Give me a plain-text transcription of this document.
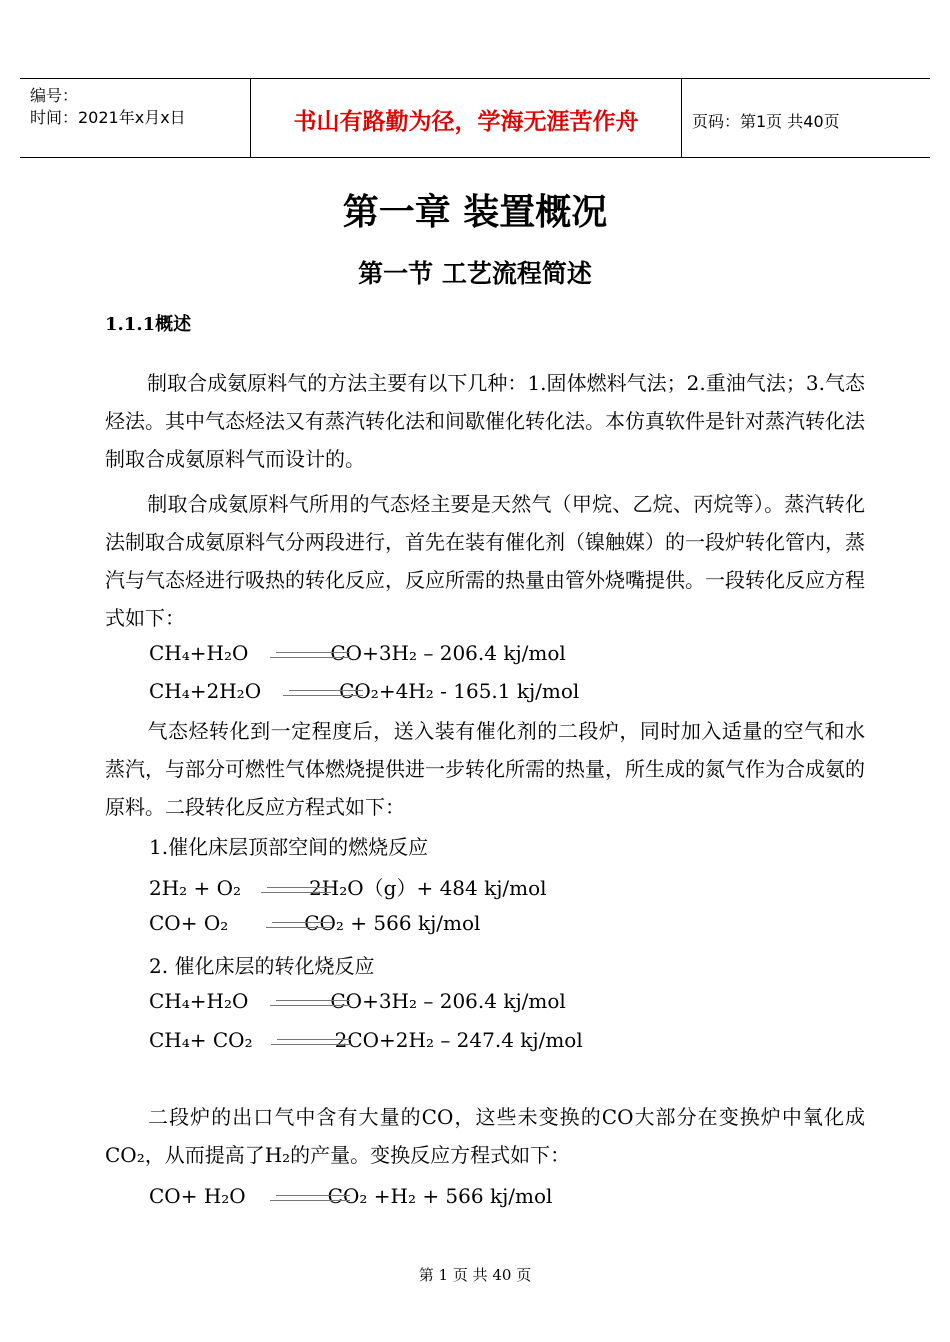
编号：
时间：2021年x月x日	书山有路勤为径，学海无涯苦作舟	页码：第1页 共40页
第一章 装置概况
第一节 工艺流程简述
1.1.1概述
制取合成氨原料气的方法主要有以下几种：1.固体燃料气法；2.重油气法；3.气态烃法。其中气态烃法又有蒸汽转化法和间歇催化转化法。本仿真软件是针对蒸汽转化法制取合成氨原料气而设计的。
制取合成氨原料气所用的气态烃主要是天然气（甲烷、乙烷、丙烷等）。蒸汽转化法制取合成氨原料气分两段进行，首先在装有催化剂（镍触媒）的一段炉转化管内，蒸汽与气态烃进行吸热的转化反应，反应所需的热量由管外烧嘴提供。一段转化反应方程式如下：
CH₄+H₂O	CO+3H₂ – 206.4 kj/mol
CH₄+2H₂O	CO₂+4H₂ - 165.1 kj/mol
气态烃转化到一定程度后，送入装有催化剂的二段炉，同时加入适量的空气和水蒸汽，与部分可燃性气体燃烧提供进一步转化所需的热量，所生成的氮气作为合成氨的原料。二段转化反应方程式如下：
1.催化床层顶部空间的燃烧反应
2H₂ + O₂	2H₂O（g）+ 484 kj/mol
CO+ O₂	CO₂ + 566 kj/mol
2. 催化床层的转化烧反应
CH₄+H₂O	CO+3H₂ – 206.4 kj/mol
CH₄+ CO₂	2CO+2H₂ – 247.4 kj/mol
二段炉的出口气中含有大量的CO，这些未变换的CO大部分在变换炉中氧化成CO₂，从而提高了H₂的产量。变换反应方程式如下：
CO+ H₂O	CO₂ +H₂ + 566 kj/mol
第 1 页 共 40 页
